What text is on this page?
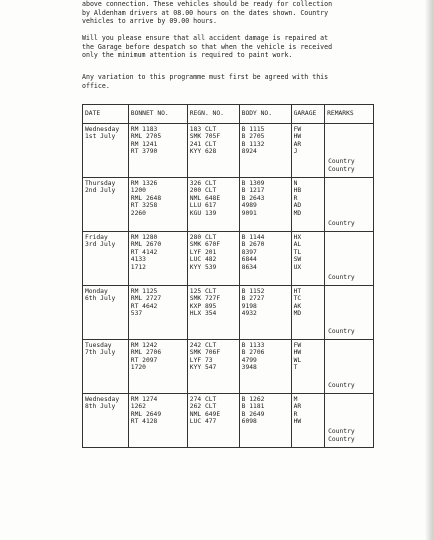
above connection. These vehicles should be ready for collection
by Aldenham drivers at 08.00 hours on the dates shown. Country
vehicles to arrive by 09.00 hours.
Will you please ensure that all accident damage is repaired at
the Garage before despatch so that when the vehicle is received
only the minimum attention is required to paint work.
Any variation to this programme must first be agreed with this
office.
DATE	BONNET NO.	REGN. NO.	BODY NO.	GARAGE	REMARKS

Wednesday
1st July	RM 1183
RML 2705
RM 1241
RT 3790	183 CLT
SMK 705F
241 CLT
KYY 628	B 1115
B 2705
B 1132
8924	FW
HW
AR
J	Country
Country

Thursday
2nd July	RM 1326
1200
RML 2648
RT 3258
2260	326 CLT
200 CLT
NML 648E
LLU 617
KGU 139	B 1309
B 1217
B 2643
4989
9091	N
HB
R
AD
MD	Country

Friday
3rd July	RM 1280
RML 2670
RT 4142
4133
1712	280 CLT
SMK 670F
LYF 201
LUC 482
KYY 539	B 1144
B 2670
8397
6844
8634	HX
AL
TL
SW
UX	Country

Monday
6th July	RM 1125
RML 2727
RT 4642
537	125 CLT
SMK 727F
KXP 895
HLX 354	B 1152
B 2727
9198
4932	HT
TC
AK
MD	Country

Tuesday
7th July	RM 1242
RML 2706
RT 2097
1720	242 CLT
SMK 706F
LYF 73
KYY 547	B 1133
B 2706
4799
3948	FW
HW
WL
T	Country

Wednesday
8th July	RM 1274
1262
RML 2649
RT 4128	274 CLT
262 CLT
NML 649E
LUC 477	B 1262
B 1181
B 2649
6098	M
AR
R
HW	Country
Country
